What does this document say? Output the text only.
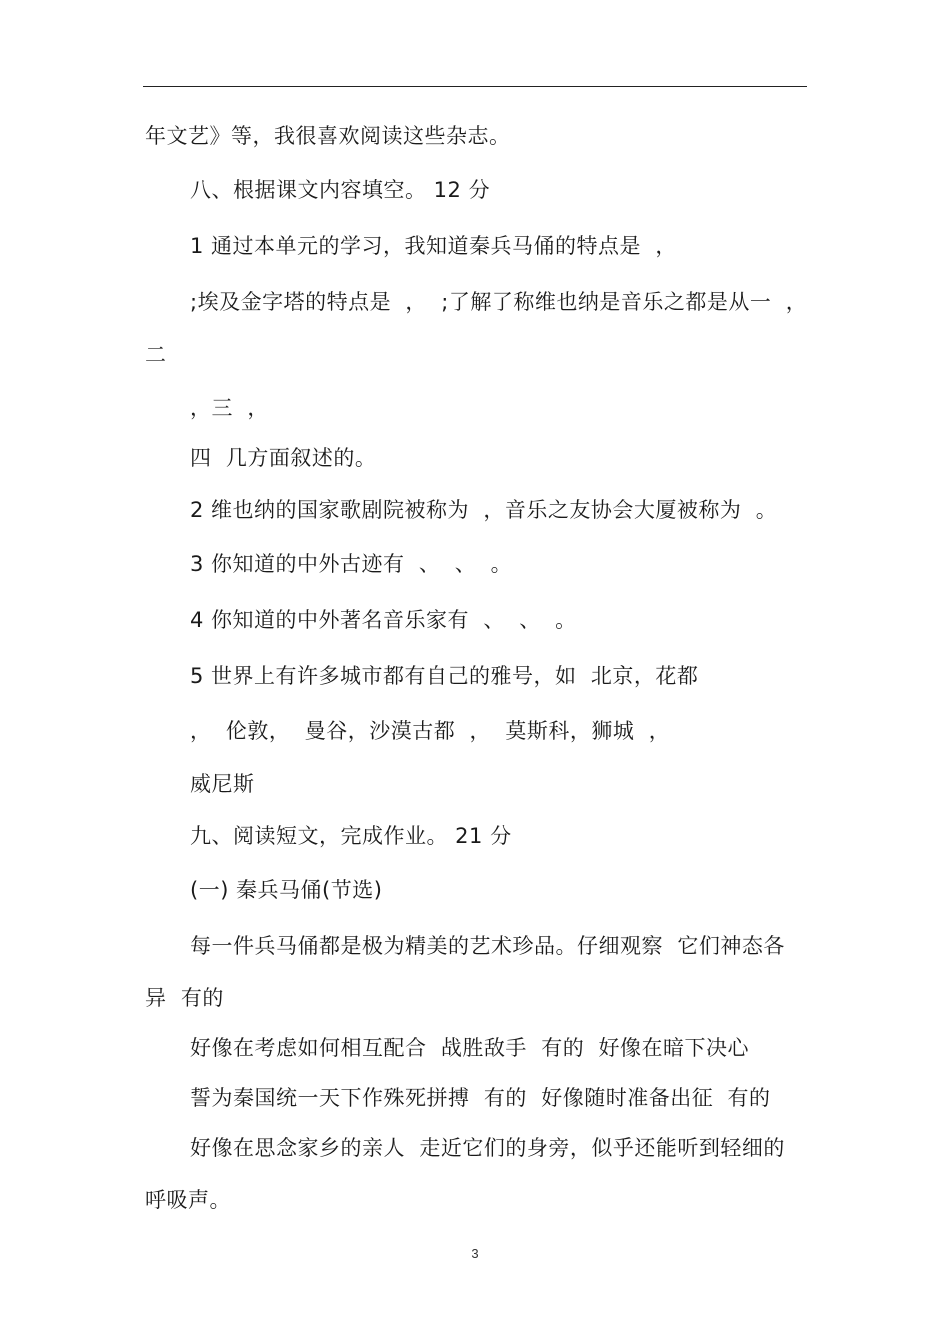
年文艺》等，我很喜欢阅读这些杂志。
八、根据课文内容填空。 12 分
1 通过本单元的学习，我知道秦兵马俑的特点是  ，
;埃及金字塔的特点是  ，  ;了解了称维也纳是音乐之都是从一  ，
二
，三  ，
四  几方面叙述的。
2 维也纳的国家歌剧院被称为  ，音乐之友协会大厦被称为  。
3 你知道的中外古迹有  、  、  。
4 你知道的中外著名音乐家有  、  、  。
5 世界上有许多城市都有自己的雅号，如  北京，花都
，  伦敦，  曼谷，沙漠古都  ，  莫斯科，狮城  ，
威尼斯
九、阅读短文，完成作业。 21 分
(一) 秦兵马俑(节选)
每一件兵马俑都是极为精美的艺术珍品。仔细观察  它们神态各
异  有的
好像在考虑如何相互配合  战胜敌手  有的  好像在暗下决心
誓为秦国统一天下作殊死拼搏  有的  好像随时准备出征  有的
好像在思念家乡的亲人  走近它们的身旁，似乎还能听到轻细的
呼吸声。
3
